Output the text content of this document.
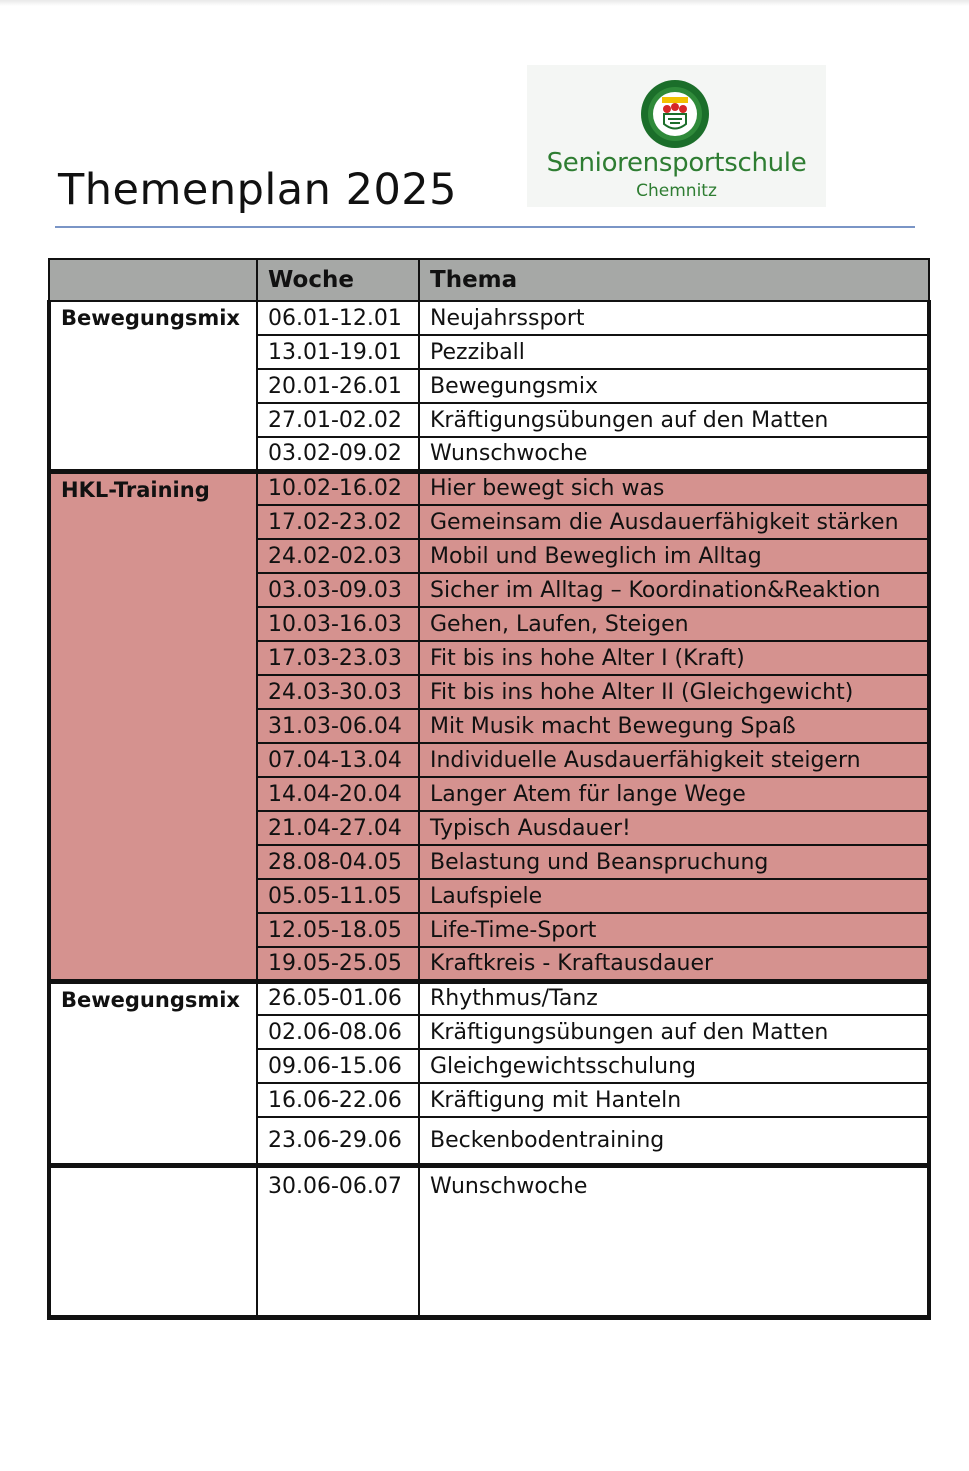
Themenplan 2025
Seniorensportschule
Chemnitz
	Woche	Thema
Bewegungsmix	06.01-12.01	Neujahrssport
	13.01-19.01	Pezziball
	20.01-26.01	Bewegungsmix
	27.01-02.02	Kräftigungsübungen auf den Matten
	03.02-09.02	Wunschwoche
HKL-Training	10.02-16.02	Hier bewegt sich was
	17.02-23.02	Gemeinsam die Ausdauerfähigkeit stärken
	24.02-02.03	Mobil und Beweglich im Alltag
	03.03-09.03	Sicher im Alltag – Koordination&Reaktion
	10.03-16.03	Gehen, Laufen, Steigen
	17.03-23.03	Fit bis ins hohe Alter I (Kraft)
	24.03-30.03	Fit bis ins hohe Alter II (Gleichgewicht)
	31.03-06.04	Mit Musik macht Bewegung Spaß
	07.04-13.04	Individuelle Ausdauerfähigkeit steigern
	14.04-20.04	Langer Atem für lange Wege
	21.04-27.04	Typisch Ausdauer!
	28.08-04.05	Belastung und Beanspruchung
	05.05-11.05	Laufspiele
	12.05-18.05	Life-Time-Sport
	19.05-25.05	Kraftkreis - Kraftausdauer
Bewegungsmix	26.05-01.06	Rhythmus/Tanz
	02.06-08.06	Kräftigungsübungen auf den Matten
	09.06-15.06	Gleichgewichtsschulung
	16.06-22.06	Kräftigung mit Hanteln
	23.06-29.06	Beckenbodentraining
	30.06-06.07	Wunschwoche
